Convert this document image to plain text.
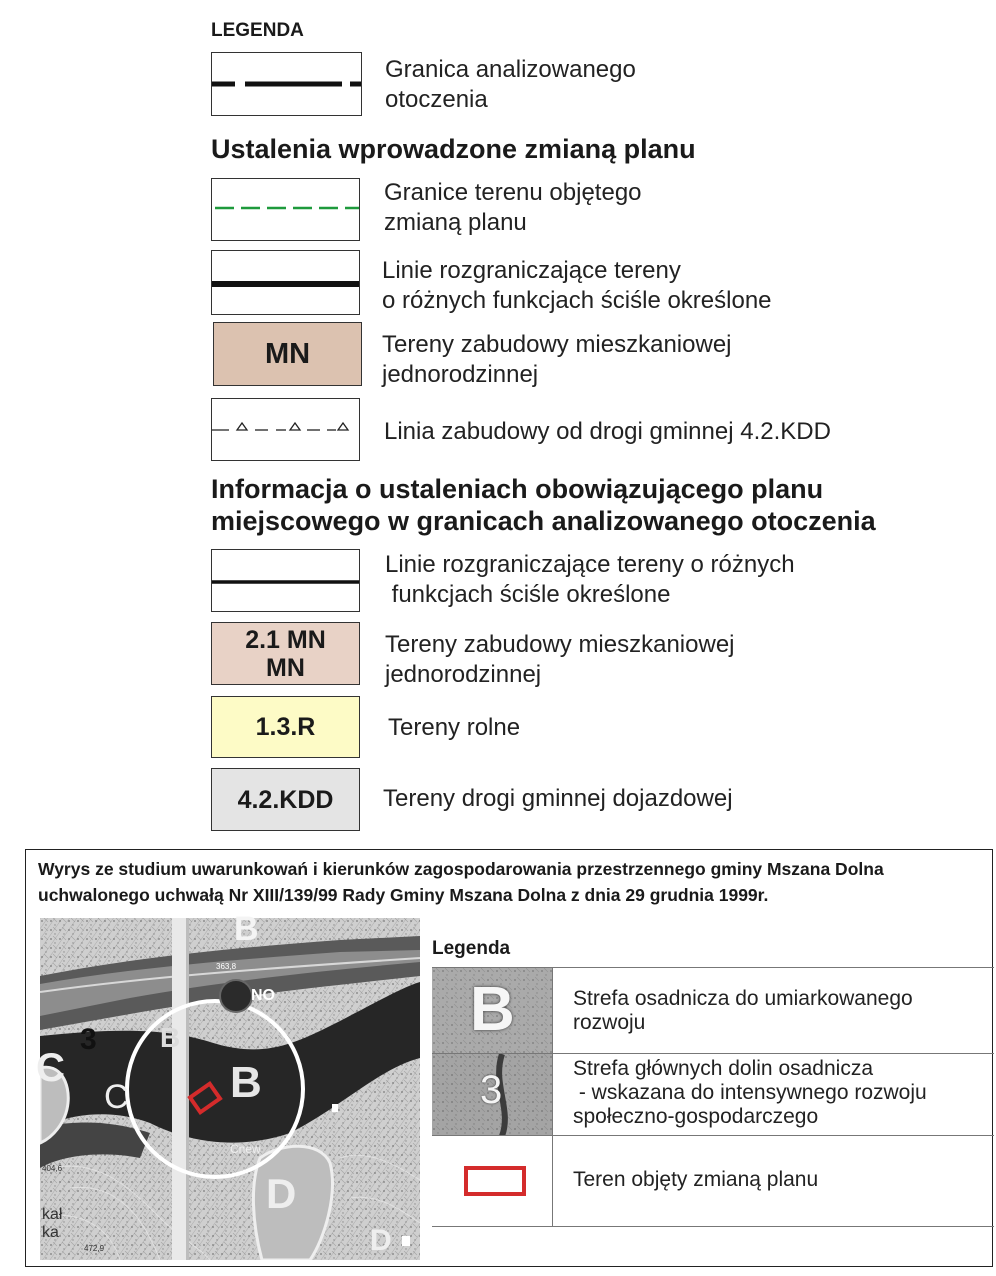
LEGENDA
Granica analizowanego
otoczenia
Ustalenia wprowadzone zmianą planu
Granice terenu objętego
zmianą planu
Linie rozgraniczające tereny
o różnych funkcjach ściśle określone
MN	Tereny zabudowy mieszkaniowej
jednorodzinnej
Linia zabudowy od drogi gminnej 4.2.KDD
Informacja o ustaleniach obowiązującego planu
miejscowego w granicach analizowanego otoczenia
Linie rozgraniczające tereny o różnych
funkcjach ściśle określone
2.1 MN
MN
Tereny zabudowy mieszkaniowej
jednorodzinnej
1.3.R	Tereny rolne
4.2.KDD	Tereny drogi gminnej dojazdowej
Wyrys ze studium uwarunkowań i kierunków zagospodarowania przestrzennego gminy Mszana Dolna
uchwalonego uchwałą Nr XIII/139/99 Rady Gminy Mszana Dolna z dnia 29 grudnia 1999r.
B
NO
363,8
3 B
B
C
C
D
D
Chew
kał
ka
404,6
472,9
Legenda
B	Strefa osadnicza do umiarkowanego
rozwoju
3	Strefa głównych dolin osadnicza
- wskazana do intensywnego rozwoju
społeczno-gospodarczego
Teren objęty zmianą planu
